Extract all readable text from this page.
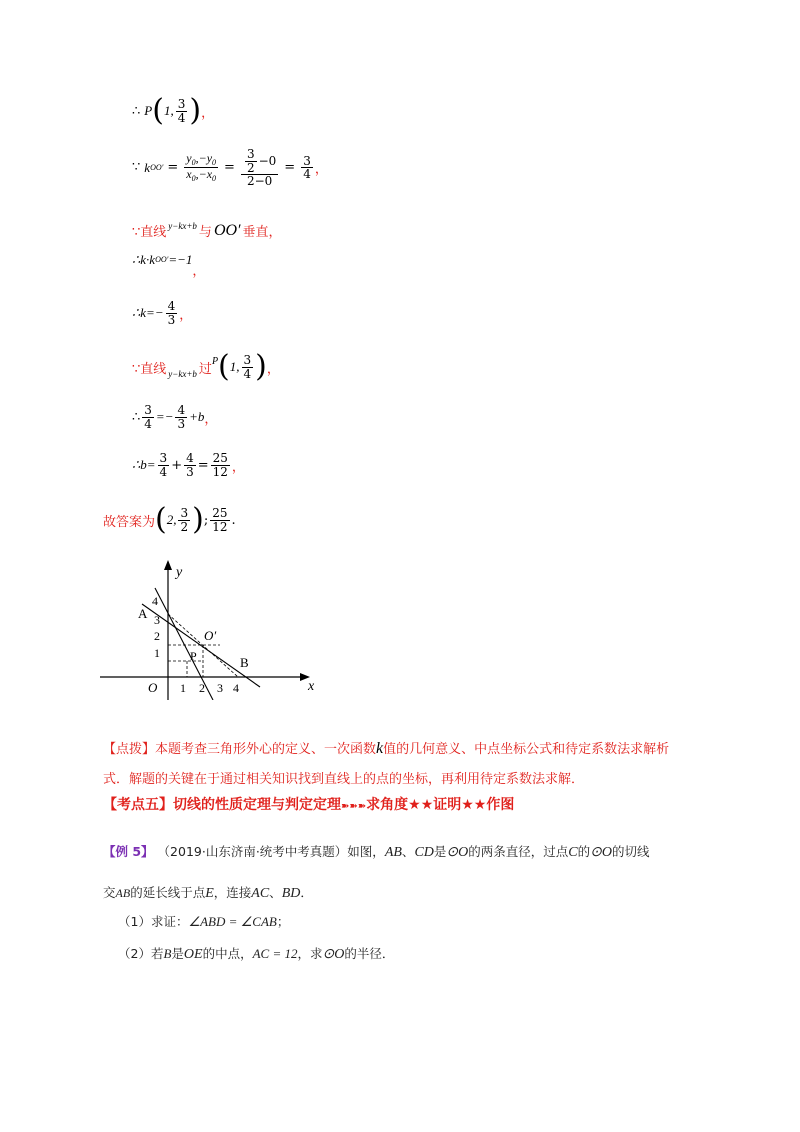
∴ P ( 1, $\frac{3}{4}$ ) ，
∵ k $OO' = \frac{y_0,-y_0}{x_0,-x_0} = \frac{\frac{3}{2} -0}{2-0} = \frac{3}{4}$ ，
∵直线 y−kx+b 与 OO′ 垂直，
∴k·k OO′ =−1
，
∴k=− $\frac{4}{3}$ ，
∵直线 y−kx+b 过
P ( 1, $\frac{3}{4}$ ) ，
∴ $\frac{3}{4} =- \frac{4}{3} +b$ ，
∴b= $\frac{3}{4} + \frac{4}{3} = \frac{25}{12}$ ，
故答案为 ( 2, $\frac{3}{2}$ ) ; $\frac{25}{12}$ .
y
x
O
A
B
P
O′
1 2 3 4
1
2
3
4
【点拨】本题考查三角形外心的定义、一次函数k值的几何意义、中点坐标公式和待定系数法求解析
式．解题的关键在于通过相关知识找到直线上的点的坐标，再利用待定系数法求解．
【考点五】切线的性质定理与判定定理➽➽➽求角度★★证明★★作图
【例 5】 （2019·山东济南·统考中考真题）如图，AB、CD是⊙O的两条直径，过点C的⊙O的切线
交AB的延长线于点E，连接AC、BD．
（1）求证：∠ABD = ∠CAB；
（2）若B是OE的中点，AC = 12，求⊙O的半径．
